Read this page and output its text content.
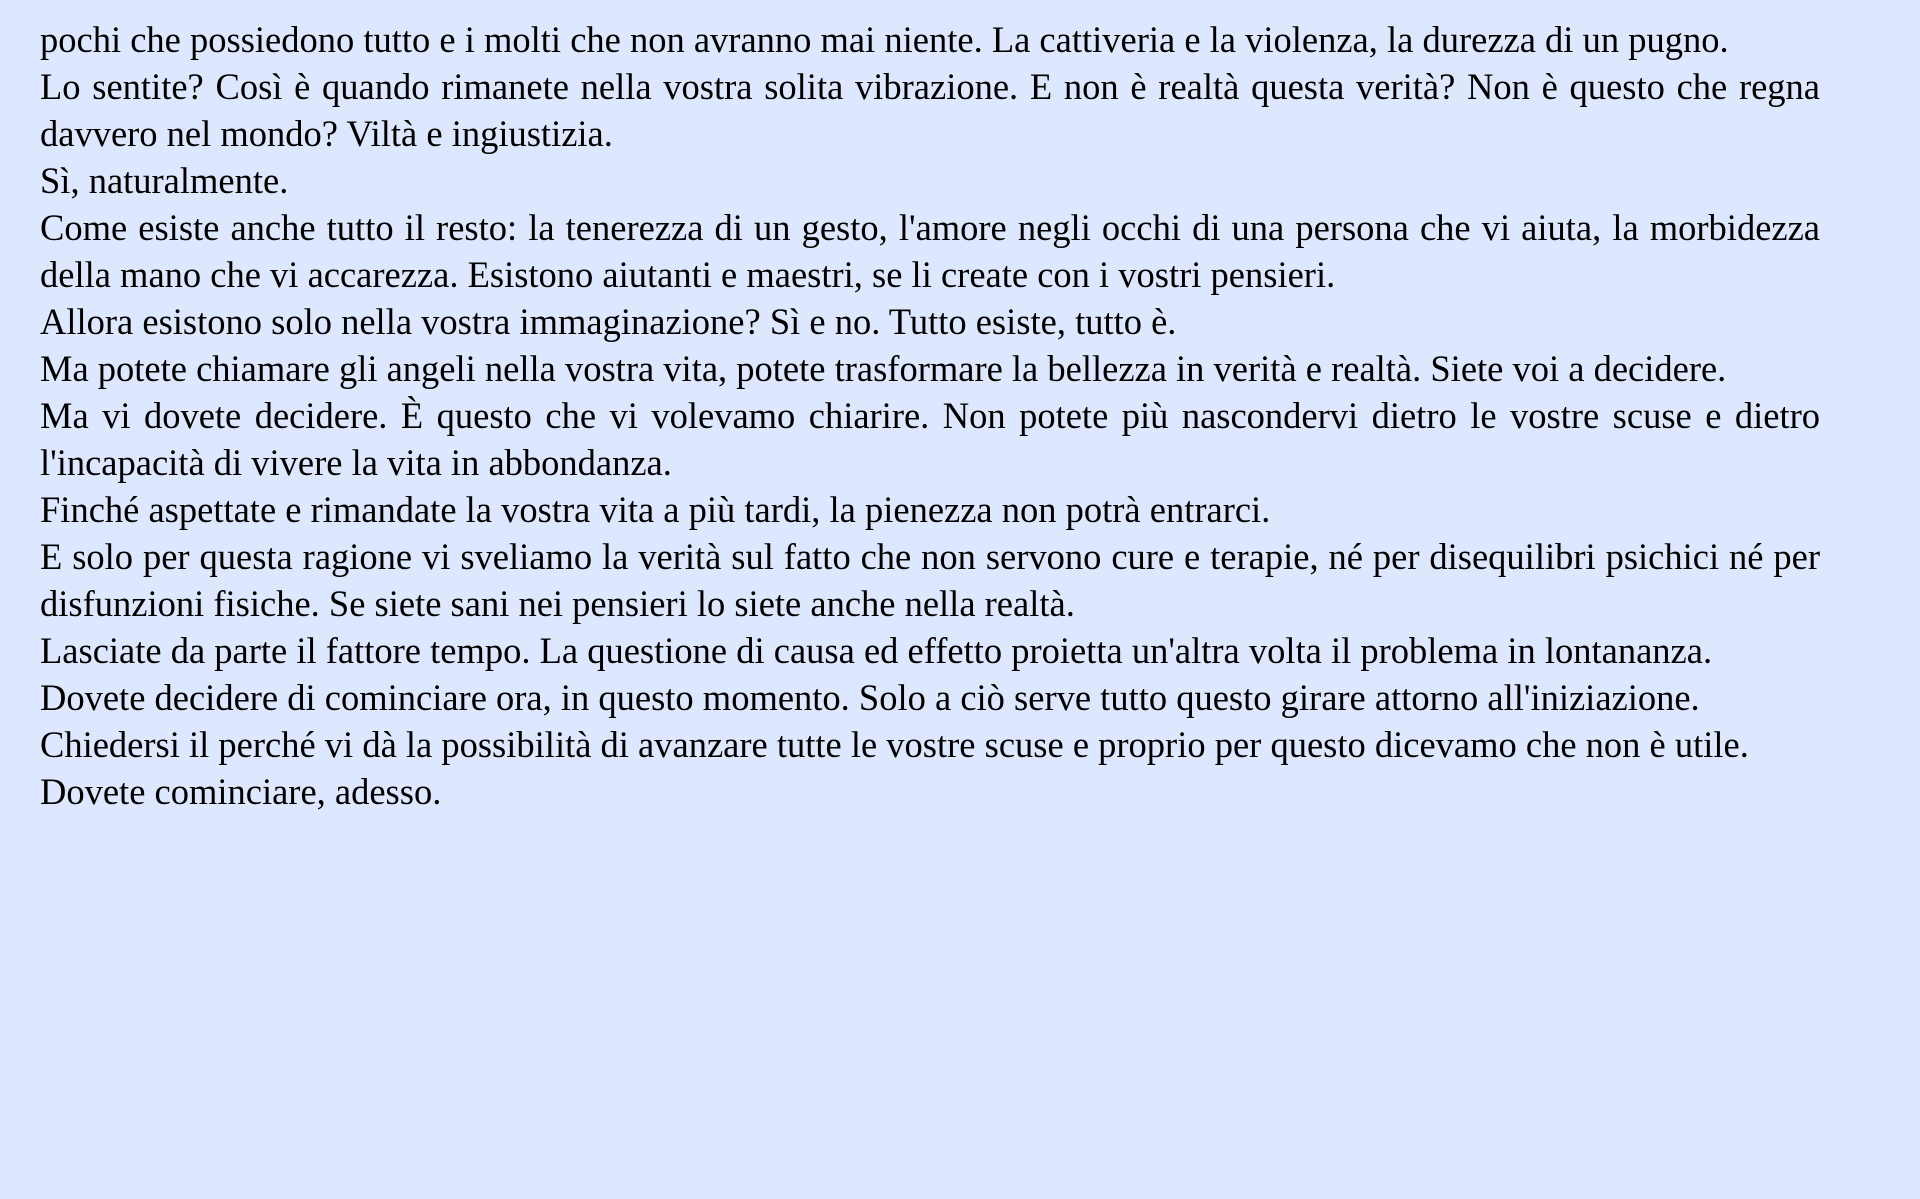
pochi che possiedono tutto e i molti che non avranno mai niente. La cattiveria e la violenza, la durezza di un pugno.

Lo sentite? Così è quando rimanete nella vostra solita vibrazione. E non è realtà questa verità? Non è questo che regna davvero nel mondo? Viltà e ingiustizia.

Sì, naturalmente.

Come esiste anche tutto il resto: la tenerezza di un gesto, l'amore negli occhi di una persona che vi aiuta, la morbidezza della mano che vi accarezza. Esistono aiutanti e maestri, se li create con i vostri pensieri.

Allora esistono solo nella vostra immaginazione? Sì e no. Tutto esiste, tutto è.

Ma potete chiamare gli angeli nella vostra vita, potete trasformare la bellezza in verità e realtà. Siete voi a decidere.

Ma vi dovete decidere. È questo che vi volevamo chiarire. Non potete più nascondervi dietro le vostre scuse e dietro l'incapacità di vivere la vita in abbondanza.

Finché aspettate e rimandate la vostra vita a più tardi, la pienezza non potrà entrarci.

E solo per questa ragione vi sveliamo la verità sul fatto che non servono cure e terapie, né per disequilibri psichici né per disfunzioni fisiche. Se siete sani nei pensieri lo siete anche nella realtà.

Lasciate da parte il fattore tempo. La questione di causa ed effetto proietta un'altra volta il problema in lontananza.

Dovete decidere di cominciare ora, in questo momento. Solo a ciò serve tutto questo girare attorno all'iniziazione.

Chiedersi il perché vi dà la possibilità di avanzare tutte le vostre scuse e proprio per questo dicevamo che non è utile.

Dovete cominciare, adesso.
